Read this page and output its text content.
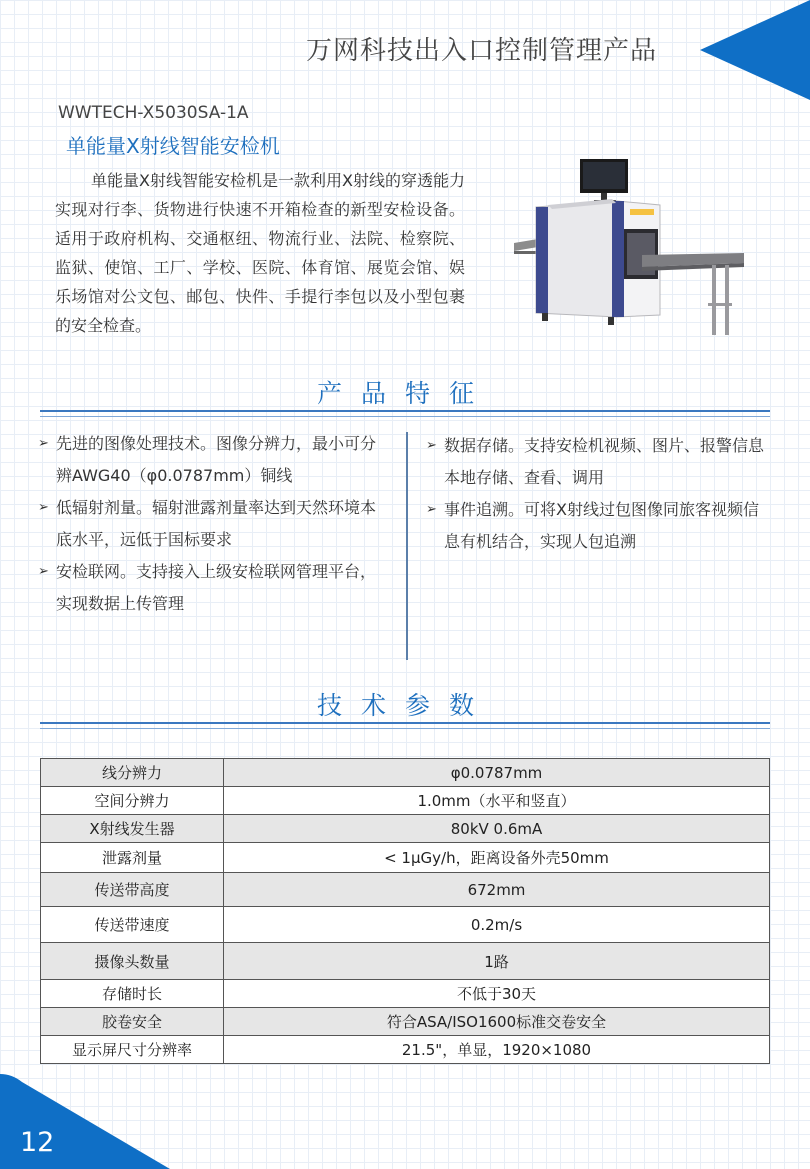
万网科技出入口控制管理产品
WWTECH-X5030SA-1A
单能量X射线智能安检机

单能量X射线智能安检机是一款利用X射线的穿透能力实现对行李、货物进行快速不开箱检查的新型安检设备。适用于政府机构、交通枢纽、物流行业、法院、检察院、监狱、使馆、工厂、学校、医院、体育馆、展览会馆、娱乐场馆对公文包、邮包、快件、手提行李包以及小型包裹的安全检查。

产品特征
➢ 先进的图像处理技术。图像分辨力，最小可分辨AWG40（φ0.0787mm）铜线
➢ 低辐射剂量。辐射泄露剂量率达到天然环境本底水平，远低于国标要求
➢ 安检联网。支持接入上级安检联网管理平台，实现数据上传管理
➢ 数据存储。支持安检机视频、图片、报警信息本地存储、查看、调用
➢ 事件追溯。可将X射线过包图像同旅客视频信息有机结合，实现人包追溯
技术参数
线分辨力	φ0.0787mm
空间分辨力	1.0mm（水平和竖直）
X射线发生器	80kV 0.6mA
泄露剂量	< 1μGy/h，距离设备外壳50mm
传送带高度	672mm
传送带速度	0.2m/s
摄像头数量	1路
存储时长	不低于30天
胶卷安全	符合ASA/ISO1600标准交卷安全
显示屏尺寸分辨率	21.5"，单显，1920×1080
12
